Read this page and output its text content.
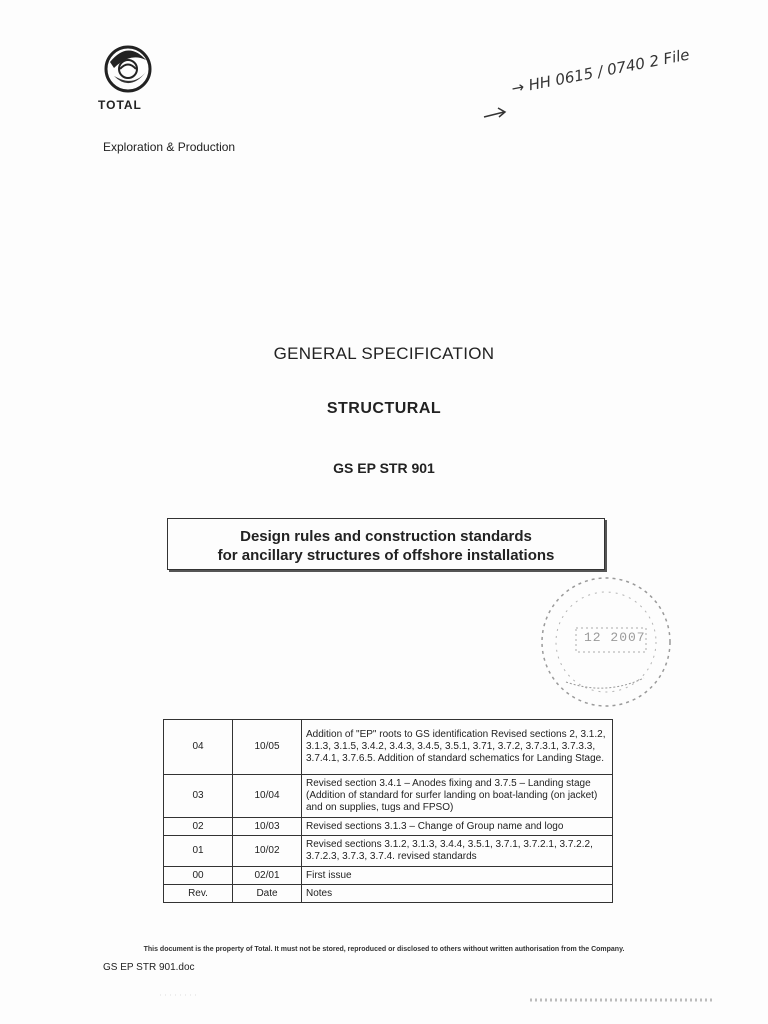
TOTAL
Exploration & Production
→ HH 0615 / 0740 2 File
GENERAL SPECIFICATION
STRUCTURAL
GS EP STR 901
Design rules and construction standards
for ancillary structures of offshore installations
12 2007
04	10/05	Addition of "EP" roots to GS identification Revised sections 2, 3.1.2, 3.1.3, 3.1.5, 3.4.2, 3.4.3, 3.4.5, 3.5.1, 3.71, 3.7.2, 3.7.3.1, 3.7.3.3, 3.7.4.1, 3.7.6.5. Addition of standard schematics for Landing Stage.
03	10/04	Revised section 3.4.1 – Anodes fixing and 3.7.5 – Landing stage (Addition of standard for surfer landing on boat-landing (on jacket) and on supplies, tugs and FPSO)
02	10/03	Revised sections 3.1.3 – Change of Group name and logo
01	10/02	Revised sections 3.1.2, 3.1.3, 3.4.4, 3.5.1, 3.7.1, 3.7.2.1, 3.7.2.2, 3.7.2.3, 3.7.3, 3.7.4. revised standards
00	02/01	First issue
Rev.	Date	Notes
This document is the property of Total. It must not be stored, reproduced or disclosed to others without written authorisation from the Company.
GS EP STR 901.doc
